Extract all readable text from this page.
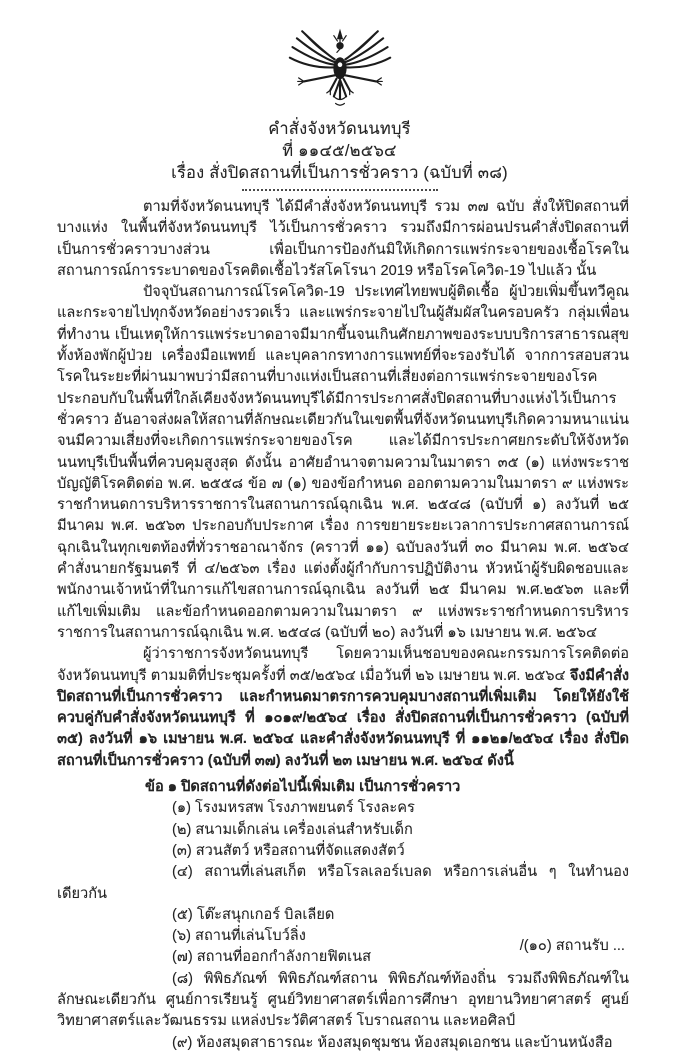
คำสั่งจังหวัดนนทบุรี
ที่ ๑๑๔๕/๒๕๖๔
เรื่อง สั่งปิดสถานที่เป็นการชั่วคราว (ฉบับที่ ๓๘)

ตามที่จังหวัดนนทบุรี ได้มีคำสั่งจังหวัดนนทบุรี รวม ๓๗ ฉบับ สั่งให้ปิดสถานที่บางแห่ง ในพื้นที่จังหวัดนนทบุรี ไว้เป็นการชั่วคราว รวมถึงมีการผ่อนปรนคำสั่งปิดสถานที่เป็นการชั่วคราวบางส่วน เพื่อเป็นการป้องกันมิให้เกิดการแพร่กระจายของเชื้อโรคในสถานการณ์การระบาดของโรคติดเชื้อไวรัสโคโรนา 2019 หรือโรคโควิด-19 ไปแล้ว นั้น

ปัจจุบันสถานการณ์โรคโควิด-19 ประเทศไทยพบผู้ติดเชื้อ ผู้ป่วยเพิ่มขึ้นทวีคูณ และกระจายไปทุกจังหวัดอย่างรวดเร็ว และแพร่กระจายไปในผู้สัมผัสในครอบครัว กลุ่มเพื่อน ที่ทำงาน เป็นเหตุให้การแพร่ระบาดอาจมีมากขึ้นจนเกินศักยภาพของระบบบริการสาธารณสุข ทั้งห้องพักผู้ป่วย เครื่องมือแพทย์ และบุคลากรทางการแพทย์ที่จะรองรับได้ จากการสอบสวนโรคในระยะที่ผ่านมาพบว่ามีสถานที่บางแห่งเป็นสถานที่เสี่ยงต่อการแพร่กระจายของโรค ประกอบกับในพื้นที่ใกล้เคียงจังหวัดนนทบุรีได้มีการประกาศสั่งปิดสถานที่บางแห่งไว้เป็นการชั่วคราว อันอาจส่งผลให้สถานที่ลักษณะเดียวกันในเขตพื้นที่จังหวัดนนทบุรีเกิดความหนาแน่นจนมีความเสี่ยงที่จะเกิดการแพร่กระจายของโรค และได้มีการประกาศยกระดับให้จังหวัดนนทบุรีเป็นพื้นที่ควบคุมสูงสุด ดังนั้น อาศัยอำนาจตามความในมาตรา ๓๕ (๑) แห่งพระราชบัญญัติโรคติดต่อ พ.ศ. ๒๕๕๘ ข้อ ๗ (๑) ของข้อกำหนด ออกตามความในมาตรา ๙ แห่งพระราชกำหนดการบริหารราชการในสถานการณ์ฉุกเฉิน พ.ศ. ๒๕๔๘ (ฉบับที่ ๑) ลงวันที่ ๒๕ มีนาคม พ.ศ. ๒๕๖๓ ประกอบกับประกาศ เรื่อง การขยายระยะเวลาการประกาศสถานการณ์ฉุกเฉินในทุกเขตท้องที่ทั่วราชอาณาจักร (คราวที่ ๑๑) ฉบับลงวันที่ ๓๐ มีนาคม พ.ศ. ๒๕๖๔ คำสั่งนายกรัฐมนตรี ที่ ๔/๒๕๖๓ เรื่อง แต่งตั้งผู้กำกับการปฏิบัติงาน หัวหน้าผู้รับผิดชอบและพนักงานเจ้าหน้าที่ในการแก้ไขสถานการณ์ฉุกเฉิน ลงวันที่ ๒๕ มีนาคม พ.ศ.๒๕๖๓ และที่แก้ไขเพิ่มเติม และข้อกำหนดออกตามความในมาตรา ๙ แห่งพระราชกำหนดการบริหารราชการในสถานการณ์ฉุกเฉิน พ.ศ. ๒๕๔๘ (ฉบับที่ ๒๐) ลงวันที่ ๑๖ เมษายน พ.ศ. ๒๕๖๔

ผู้ว่าราชการจังหวัดนนทบุรี โดยความเห็นชอบของคณะกรรมการโรคติดต่อจังหวัดนนทบุรี ตามมติที่ประชุมครั้งที่ ๓๕/๒๕๖๔ เมื่อวันที่ ๒๖ เมษายน พ.ศ. ๒๕๖๔ จึงมีคำสั่งปิดสถานที่เป็นการชั่วคราว และกำหนดมาตรการควบคุมบางสถานที่เพิ่มเติม โดยให้ยังใช้ควบคู่กับคำสั่งจังหวัดนนทบุรี ที่ ๑๐๑๙/๒๕๖๔ เรื่อง สั่งปิดสถานที่เป็นการชั่วคราว (ฉบับที่ ๓๕) ลงวันที่ ๑๖ เมษายน พ.ศ. ๒๕๖๔ และคำสั่งจังหวัดนนทบุรี ที่ ๑๑๒๑/๒๕๖๔ เรื่อง สั่งปิดสถานที่เป็นการชั่วคราว (ฉบับที่ ๓๗) ลงวันที่ ๒๓ เมษายน พ.ศ. ๒๕๖๔ ดังนี้

ข้อ ๑ ปิดสถานที่ดังต่อไปนี้เพิ่มเติม เป็นการชั่วคราว

(๑) โรงมหรสพ โรงภาพยนตร์ โรงละคร

(๒) สนามเด็กเล่น เครื่องเล่นสำหรับเด็ก

(๓) สวนสัตว์ หรือสถานที่จัดแสดงสัตว์

(๔) สถานที่เล่นสเก็ต หรือโรลเลอร์เบลด หรือการเล่นอื่น ๆ ในทำนองเดียวกัน

(๕) โต๊ะสนุกเกอร์ บิลเลียด

(๖) สถานที่เล่นโบว์ลิ่ง

(๗) สถานที่ออกกำลังกายฟิตเนส

(๘) พิพิธภัณฑ์ พิพิธภัณฑ์สถาน พิพิธภัณฑ์ท้องถิ่น รวมถึงพิพิธภัณฑ์ในลักษณะเดียวกัน ศูนย์การเรียนรู้ ศูนย์วิทยาศาสตร์เพื่อการศึกษา อุทยานวิทยาศาสตร์ ศูนย์วิทยาศาสตร์และวัฒนธรรม แหล่งประวัติศาสตร์ โบราณสถาน และหอศิลป์

(๙) ห้องสมุดสาธารณะ ห้องสมุดชุมชน ห้องสมุดเอกชน และบ้านหนังสือ

/(๑๐) สถานรับ ...
